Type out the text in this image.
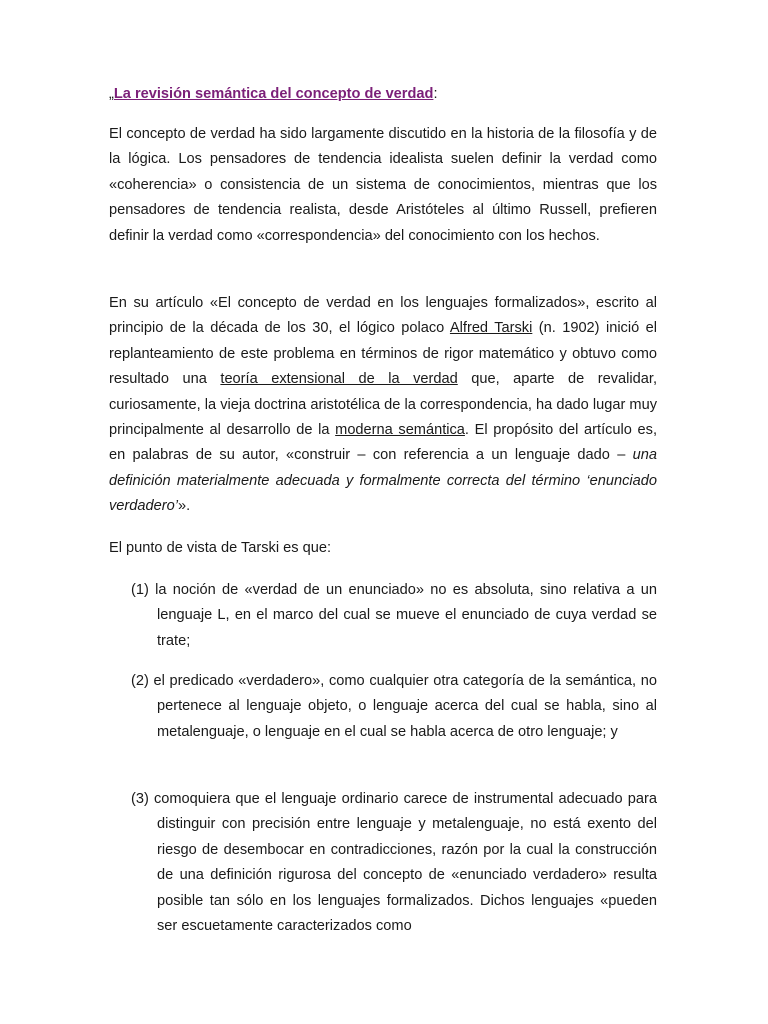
„La revisión semántica del concepto de verdad:

El concepto de verdad ha sido largamente discutido en la historia de la filosofía y de la lógica. Los pensadores de tendencia idealista suelen definir la verdad como «coherencia» o consistencia de un sistema de conocimientos, mientras que los pensadores de tendencia realista, desde Aristóteles al último Russell, prefieren definir la verdad como «correspondencia» del conocimiento con los hechos.

En su artículo «El concepto de verdad en los lenguajes formalizados», escrito al principio de la década de los 30, el lógico polaco Alfred Tarski (n. 1902) inició el replanteamiento de este problema en términos de rigor matemático y obtuvo como resultado una teoría extensional de la verdad que, aparte de revalidar, curiosamente, la vieja doctrina aristotélica de la correspondencia, ha dado lugar muy principalmente al desarrollo de la moderna semántica. El propósito del artículo es, en palabras de su autor, «construir – con referencia a un lenguaje dado – una definición materialmente adecuada y formalmente correcta del término ‘enunciado verdadero’».

El punto de vista de Tarski es que:

(1) la noción de «verdad de un enunciado» no es absoluta, sino relativa a un lenguaje L, en el marco del cual se mueve el enunciado de cuya verdad se trate;

(2) el predicado «verdadero», como cualquier otra categoría de la semántica, no pertenece al lenguaje objeto, o lenguaje acerca del cual se habla, sino al metalenguaje, o lenguaje en el cual se habla acerca de otro lenguaje; y

(3) comoquiera que el lenguaje ordinario carece de instrumental adecuado para distinguir con precisión entre lenguaje y metalenguaje, no está exento del riesgo de desembocar en contradicciones, razón por la cual la construcción de una definición rigurosa del concepto de «enunciado verdadero» resulta posible tan sólo en los lenguajes formalizados. Dichos lenguajes «pueden ser escuetamente caracterizados como
